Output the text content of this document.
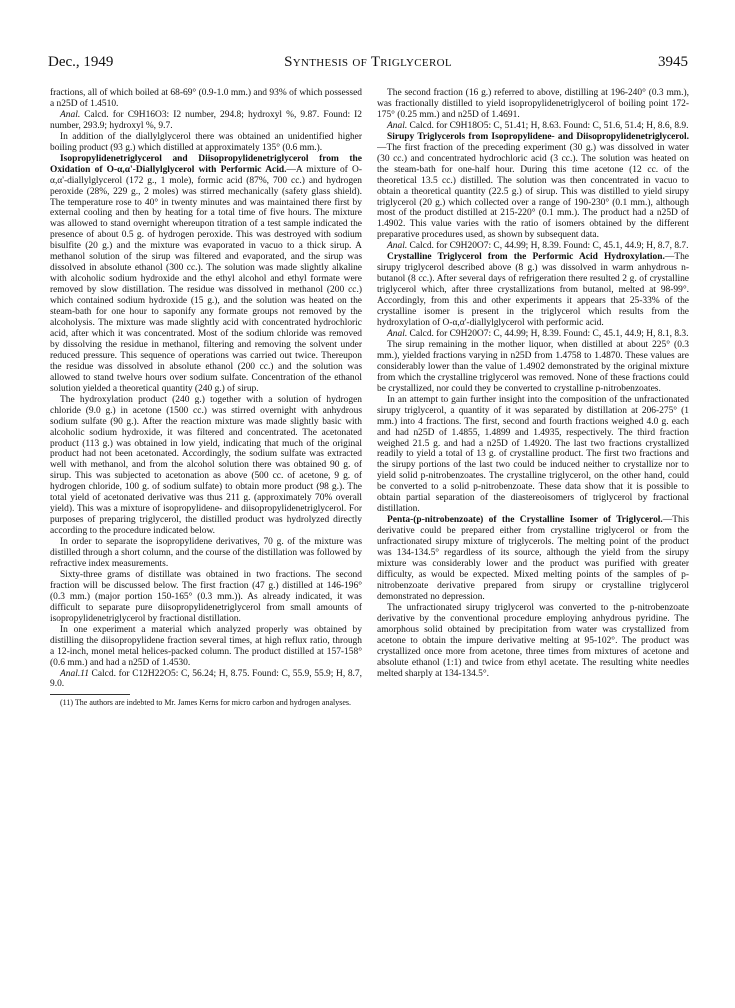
Dec., 1949	Synthesis of Triglycerol	3945

fractions, all of which boiled at 68-69° (0.9-1.0 mm.) and 93% of which possessed a n25D of 1.4510.

Anal. Calcd. for C9H16O3: I2 number, 294.8; hydroxyl %, 9.87. Found: I2 number, 293.9; hydroxyl %, 9.7.

In addition of the diallylglycerol there was obtained an unidentified higher boiling product (93 g.) which distilled at approximately 135° (0.6 mm.).

Isopropylidenetriglycerol and Diisopropylidenetriglycerol from the Oxidation of O-α,α'-Diallylglycerol with Performic Acid.—A mixture of O-α,α'-diallylglycerol (172 g., 1 mole), formic acid (87%, 700 cc.) and hydrogen peroxide (28%, 229 g., 2 moles) was stirred mechanically (safety glass shield). The temperature rose to 40° in twenty minutes and was maintained there first by external cooling and then by heating for a total time of five hours. The mixture was allowed to stand overnight whereupon titration of a test sample indicated the presence of about 0.5 g. of hydrogen peroxide. This was destroyed with sodium bisulfite (20 g.) and the mixture was evaporated in vacuo to a thick sirup. A methanol solution of the sirup was filtered and evaporated, and the sirup was dissolved in absolute ethanol (300 cc.). The solution was made slightly alkaline with alcoholic sodium hydroxide and the ethyl alcohol and ethyl formate were removed by slow distillation. The residue was dissolved in methanol (200 cc.) which contained sodium hydroxide (15 g.), and the solution was heated on the steam-bath for one hour to saponify any formate groups not removed by the alcoholysis. The mixture was made slightly acid with concentrated hydrochloric acid, after which it was concentrated. Most of the sodium chloride was removed by dissolving the residue in methanol, filtering and removing the solvent under reduced pressure. This sequence of operations was carried out twice. Thereupon the residue was dissolved in absolute ethanol (200 cc.) and the solution was allowed to stand twelve hours over sodium sulfate. Concentration of the ethanol solution yielded a theoretical quantity (240 g.) of sirup.

The hydroxylation product (240 g.) together with a solution of hydrogen chloride (9.0 g.) in acetone (1500 cc.) was stirred overnight with anhydrous sodium sulfate (90 g.). After the reaction mixture was made slightly basic with alcoholic sodium hydroxide, it was filtered and concentrated. The acetonated product (113 g.) was obtained in low yield, indicating that much of the original product had not been acetonated. Accordingly, the sodium sulfate was extracted well with methanol, and from the alcohol solution there was obtained 90 g. of sirup. This was subjected to acetonation as above (500 cc. of acetone, 9 g. of hydrogen chloride, 100 g. of sodium sulfate) to obtain more product (98 g.). The total yield of acetonated derivative was thus 211 g. (approximately 70% overall yield). This was a mixture of isopropylidene- and diisopropylidenetriglycerol. For purposes of preparing triglycerol, the distilled product was hydrolyzed directly according to the procedure indicated below.

In order to separate the isopropylidene derivatives, 70 g. of the mixture was distilled through a short column, and the course of the distillation was followed by refractive index measurements.

Sixty-three grams of distillate was obtained in two fractions. The second fraction will be discussed below. The first fraction (47 g.) distilled at 146-196° (0.3 mm.) (major portion 150-165° (0.3 mm.)). As already indicated, it was difficult to separate pure diisopropylidenetriglycerol from small amounts of isopropylidenetriglycerol by fractional distillation.

In one experiment a material which analyzed properly was obtained by distilling the diisopropylidene fraction several times, at high reflux ratio, through a 12-inch, monel metal helices-packed column. The product distilled at 157-158° (0.6 mm.) and had a n25D of 1.4530.

Anal.11 Calcd. for C12H22O5: C, 56.24; H, 8.75. Found: C, 55.9, 55.9; H, 8.7, 9.0.

(11) The authors are indebted to Mr. James Kerns for micro carbon and hydrogen analyses.

The second fraction (16 g.) referred to above, distilling at 196-240° (0.3 mm.), was fractionally distilled to yield isopropylidenetriglycerol of boiling point 172-175° (0.25 mm.) and n25D of 1.4691.

Anal. Calcd. for C9H18O5: C, 51.41; H, 8.63. Found: C, 51.6, 51.4; H, 8.6, 8.9.

Sirupy Triglycerols from Isopropylidene- and Diisopropylidenetriglycerol.—The first fraction of the preceding experiment (30 g.) was dissolved in water (30 cc.) and concentrated hydrochloric acid (3 cc.). The solution was heated on the steam-bath for one-half hour. During this time acetone (12 cc. of the theoretical 13.5 cc.) distilled. The solution was then concentrated in vacuo to obtain a theoretical quantity (22.5 g.) of sirup. This was distilled to yield sirupy triglycerol (20 g.) which collected over a range of 190-230° (0.1 mm.), although most of the product distilled at 215-220° (0.1 mm.). The product had a n25D of 1.4902. This value varies with the ratio of isomers obtained by the different preparative procedures used, as shown by subsequent data.

Anal. Calcd. for C9H20O7: C, 44.99; H, 8.39. Found: C, 45.1, 44.9; H, 8.7, 8.7.

Crystalline Triglycerol from the Performic Acid Hydroxylation.—The sirupy triglycerol described above (8 g.) was dissolved in warm anhydrous n-butanol (8 cc.). After several days of refrigeration there resulted 2 g. of crystalline triglycerol which, after three crystallizations from butanol, melted at 98-99°. Accordingly, from this and other experiments it appears that 25-33% of the crystalline isomer is present in the triglycerol which results from the hydroxylation of O-α,α'-diallylglycerol with performic acid.

Anal. Calcd. for C9H20O7: C, 44.99; H, 8.39. Found: C, 45.1, 44.9; H, 8.1, 8.3.

The sirup remaining in the mother liquor, when distilled at about 225° (0.3 mm.), yielded fractions varying in n25D from 1.4758 to 1.4870. These values are considerably lower than the value of 1.4902 demonstrated by the original mixture from which the crystalline triglycerol was removed. None of these fractions could be crystallized, nor could they be converted to crystalline p-nitrobenzoates.

In an attempt to gain further insight into the composition of the unfractionated sirupy triglycerol, a quantity of it was separated by distillation at 206-275° (1 mm.) into 4 fractions. The first, second and fourth fractions weighed 4.0 g. each and had n25D of 1.4855, 1.4899 and 1.4935, respectively. The third fraction weighed 21.5 g. and had a n25D of 1.4920. The last two fractions crystallized readily to yield a total of 13 g. of crystalline product. The first two fractions and the sirupy portions of the last two could be induced neither to crystallize nor to yield solid p-nitrobenzoates. The crystalline triglycerol, on the other hand, could be converted to a solid p-nitrobenzoate. These data show that it is possible to obtain partial separation of the diastereoisomers of triglycerol by fractional distillation.

Penta-(p-nitrobenzoate) of the Crystalline Isomer of Triglycerol.—This derivative could be prepared either from crystalline triglycerol or from the unfractionated sirupy mixture of triglycerols. The melting point of the product was 134-134.5° regardless of its source, although the yield from the sirupy mixture was considerably lower and the product was purified with greater difficulty, as would be expected. Mixed melting points of the samples of p-nitrobenzoate derivative prepared from sirupy or crystalline triglycerol demonstrated no depression.

The unfractionated sirupy triglycerol was converted to the p-nitrobenzoate derivative by the conventional procedure employing anhydrous pyridine. The amorphous solid obtained by precipitation from water was crystallized from acetone to obtain the impure derivative melting at 95-102°. The product was crystallized once more from acetone, three times from mixtures of acetone and absolute ethanol (1:1) and twice from ethyl acetate. The resulting white needles melted sharply at 134-134.5°.
